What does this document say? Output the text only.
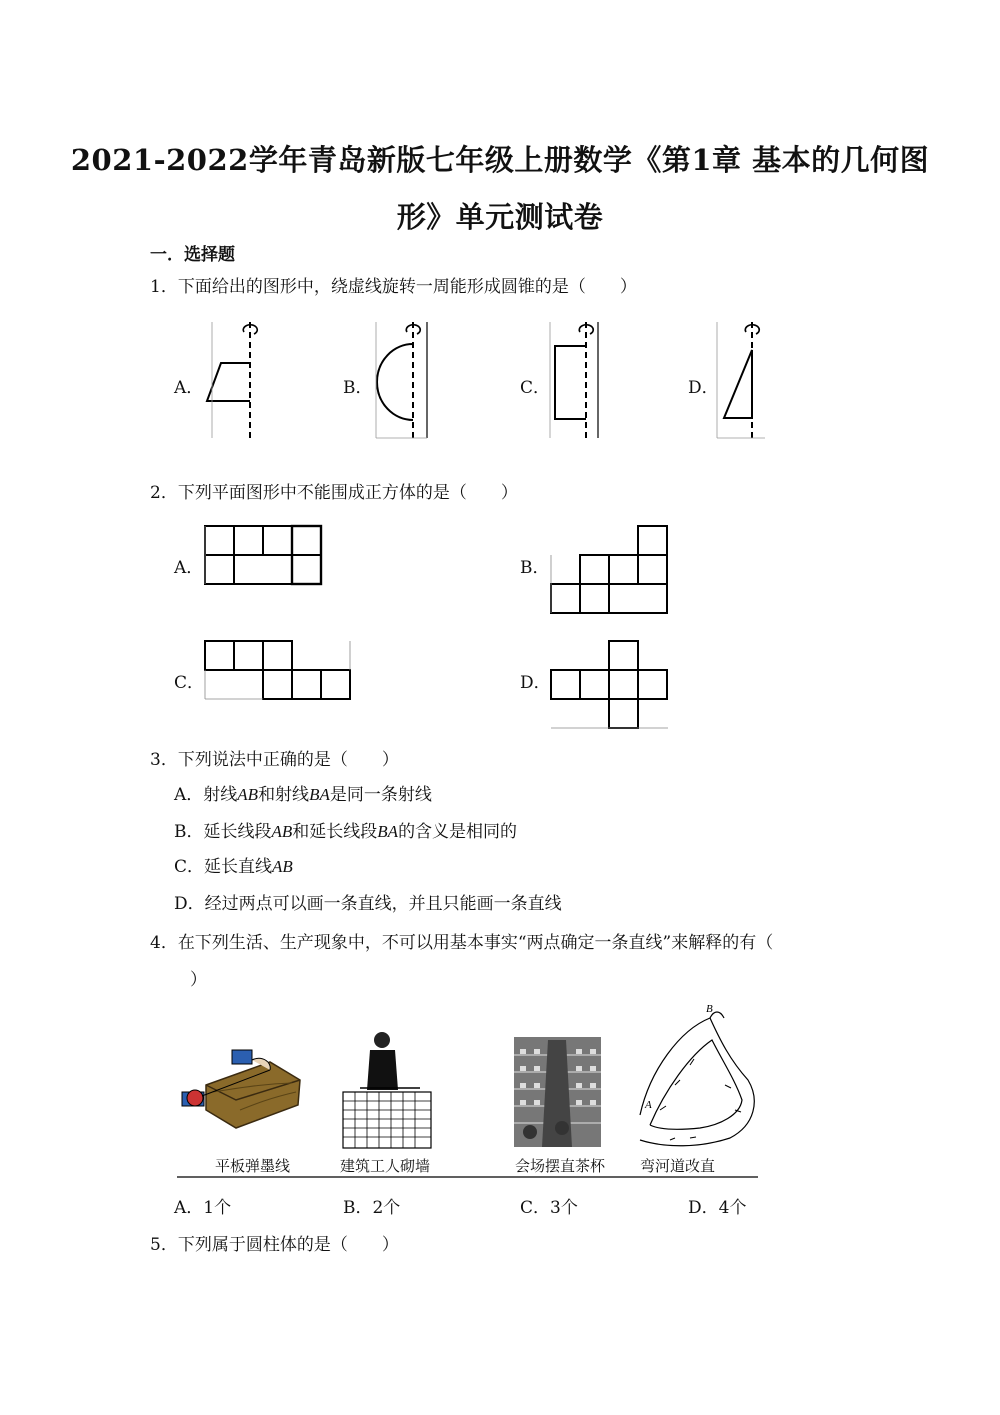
2021-2022学年青岛新版七年级上册数学《第1章 基本的几何图
形》单元测试卷
一．选择题
1．下面给出的图形中，绕虚线旋转一周能形成圆锥的是（　　）
A．	B．	C．	D．
2．下列平面图形中不能围成正方体的是（　　）
A．	B．
C．	D．
3．下列说法中正确的是（　　）
A．射线AB和射线BA是同一条射线
B．延长线段AB和延长线段BA的含义是相同的
C．延长直线AB
D．经过两点可以画一条直线，并且只能画一条直线
4．在下列生活、生产现象中，不可以用基本事实“两点确定一条直线”来解释的有（
）
B
A
平板弹墨线	建筑工人砌墙	会场摆直茶杯 弯河道改直
A．1个	B．2个	C．3个	D．4个
5．下列属于圆柱体的是（　　）
